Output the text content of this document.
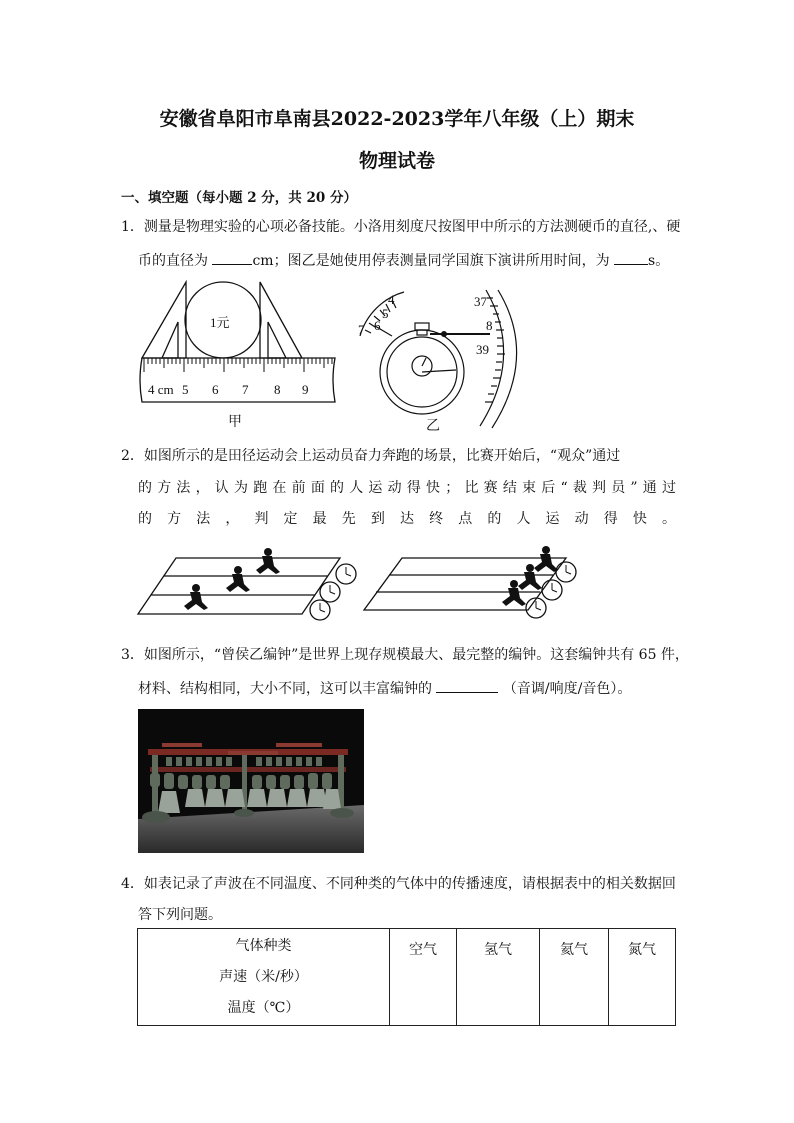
安徽省阜阳市阜南县2022-2023学年八年级（上）期末
物理试卷
一、填空题（每小题 2 分，共 20 分）
1．测量是物理实验的心项必备技能。小洛用刻度尺按图甲中所示的方法测硬币的直径,、硬
币的直径为	cm；图乙是她使用停表测量同学国旗下演讲所用时间，为	s。
1元
4 cm 5 6 7 8 9
甲
4
5
6
7
37
8
39
乙
2．如图所示的是田径运动会上运动员奋力奔跑的场景，比赛开始后，“观众”通过
的方法，认为跑在前面的人运动得快；比赛结束后“裁判员”通过
的方法，判定最先到达终点的人运动得快。
3．如图所示，“曾侯乙编钟”是世界上现存规模最大、最完整的编钟。这套编钟共有 65 件，
材料、结构相同，大小不同，这可以丰富编钟的	（音调/响度/音色）。
4．如表记录了声波在不同温度、不同种类的气体中的传播速度，请根据表中的相关数据回
答下列问题。
气体种类
声速（米/秒）
温度（℃）
	空气	氢气	氦气	氮气
